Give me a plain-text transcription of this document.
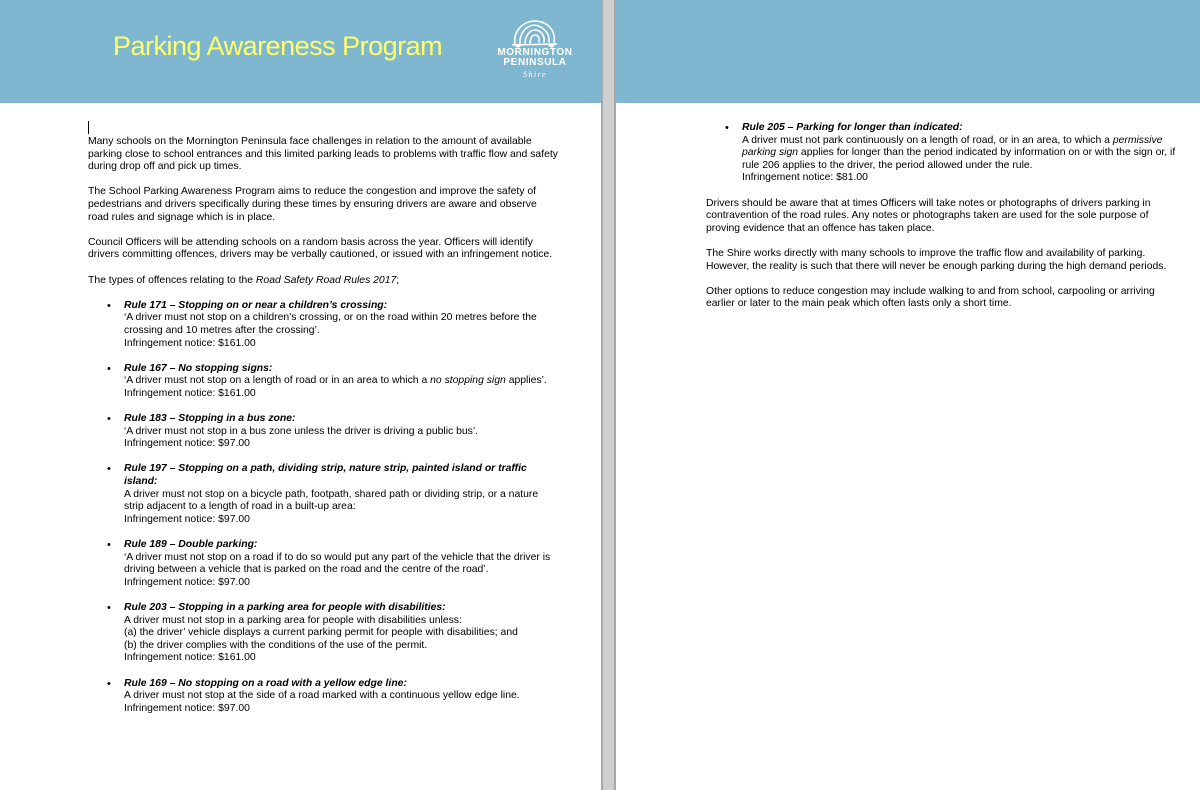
Parking Awareness Program	MORNINGTON
PENINSULA
Shire

Many schools on the Mornington Peninsula face challenges in relation to the amount of available parking close to school entrances and this limited parking leads to problems with traffic flow and safety during drop off and pick up times.

The School Parking Awareness Program aims to reduce the congestion and improve the safety of pedestrians and drivers specifically during these times by ensuring drivers are aware and observe road rules and signage which is in place.

Council Officers will be attending schools on a random basis across the year. Officers will identify drivers committing offences, drivers may be verbally cautioned, or issued with an infringement notice.

The types of offences relating to the Road Safety Road Rules 2017;

• Rule 171 – Stopping on or near a children’s crossing:
‘A driver must not stop on a children’s crossing, or on the road within 20 metres before the crossing and 10 metres after the crossing’.
Infringement notice: $161.00
• Rule 167 – No stopping signs:
‘A driver must not stop on a length of road or in an area to which a no stopping sign applies’.
Infringement notice: $161.00
• Rule 183 – Stopping in a bus zone:
‘A driver must not stop in a bus zone unless the driver is driving a public bus’.
Infringement notice: $97.00
• Rule 197 – Stopping on a path, dividing strip, nature strip, painted island or traffic island:
A driver must not stop on a bicycle path, footpath, shared path or dividing strip, or a nature strip adjacent to a length of road in a built-up area:
Infringement notice: $97.00
• Rule 189 – Double parking:
‘A driver must not stop on a road if to do so would put any part of the vehicle that the driver is driving between a vehicle that is parked on the road and the centre of the road’.
Infringement notice: $97.00
• Rule 203 – Stopping in a parking area for people with disabilities:
A driver must not stop in a parking area for people with disabilities unless:
(a) the driver’ vehicle displays a current parking permit for people with disabilities; and
(b) the driver complies with the conditions of the use of the permit.
Infringement notice: $161.00
• Rule 169 – No stopping on a road with a yellow edge line:
A driver must not stop at the side of a road marked with a continuous yellow edge line.
Infringement notice: $97.00
• Rule 205 – Parking for longer than indicated:
A driver must not park continuously on a length of road, or in an area, to which a permissive parking sign applies for longer than the period indicated by information on or with the sign or, if rule 206 applies to the driver, the period allowed under the rule.
Infringement notice: $81.00

Drivers should be aware that at times Officers will take notes or photographs of drivers parking in contravention of the road rules. Any notes or photographs taken are used for the sole purpose of proving evidence that an offence has taken place.

The Shire works directly with many schools to improve the traffic flow and availability of parking. However, the reality is such that there will never be enough parking during the high demand periods.

Other options to reduce congestion may include walking to and from school, carpooling or arriving earlier or later to the main peak which often lasts only a short time.
